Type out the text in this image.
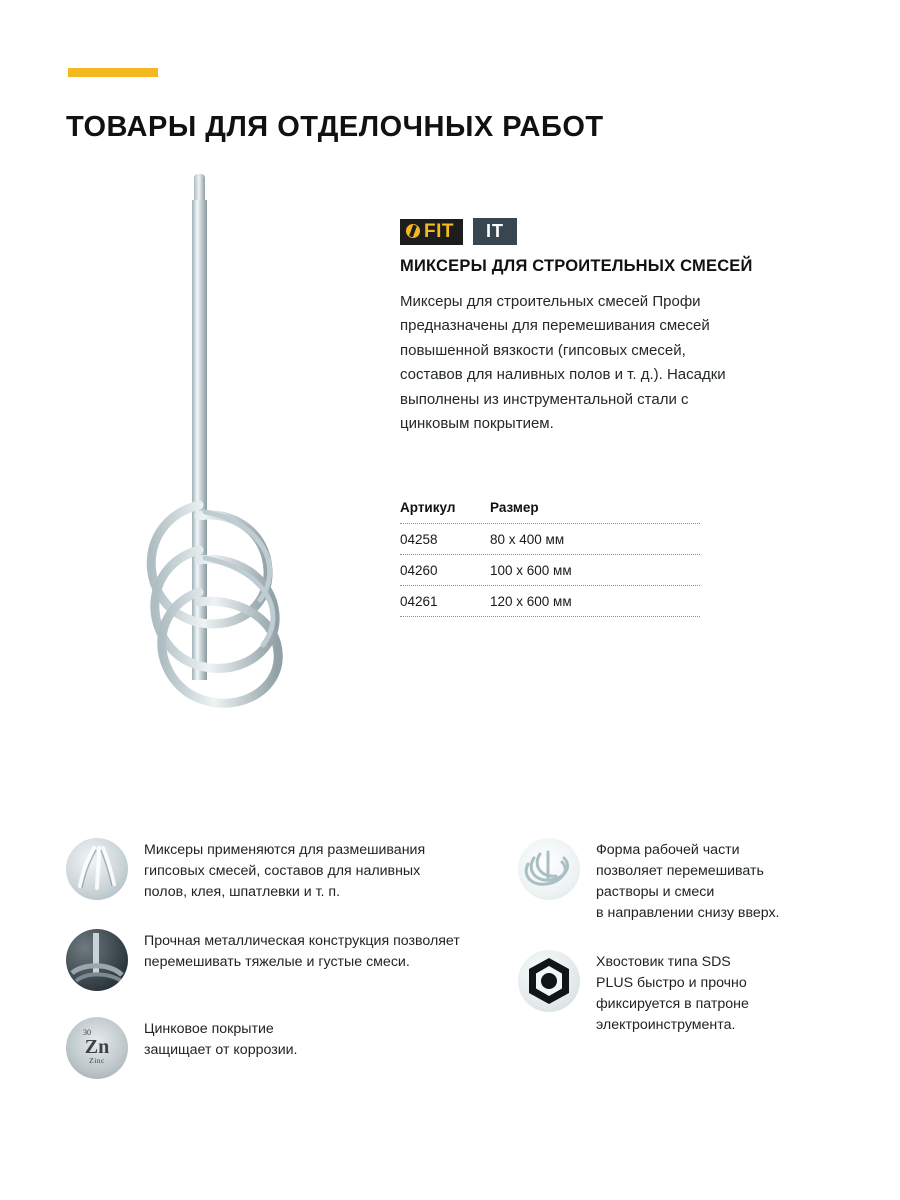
ТОВАРЫ ДЛЯ ОТДЕЛОЧНЫХ РАБОТ
FIT	IT
МИКСЕРЫ ДЛЯ СТРОИТЕЛЬНЫХ СМЕСЕЙ

Миксеры для строительных смесей Профи предназначены для перемешивания смесей повышенной вязкости (гипсовых смесей, составов для наливных полов и т. д.). Насадки выполнены из инструментальной стали с цинковым покрытием.

Артикул	Размер
04258	80 x 400 мм
04260	100 x 600 мм
04261	120 x 600 мм
Миксеры применяются для размешивания
гипсовых смесей, составов для наливных
полов, клея, шпатлевки и т. п.
Прочная металлическая конструкция позволяет
перемешивать тяжелые и густые смеси.
30
Zn
Zinc
Цинковое покрытие
защищает от коррозии.
Форма рабочей части
позволяет перемешивать
растворы и смеси
в направлении снизу вверх.
Хвостовик типа SDS
PLUS быстро и прочно
фиксируется в патроне
электроинструмента.
